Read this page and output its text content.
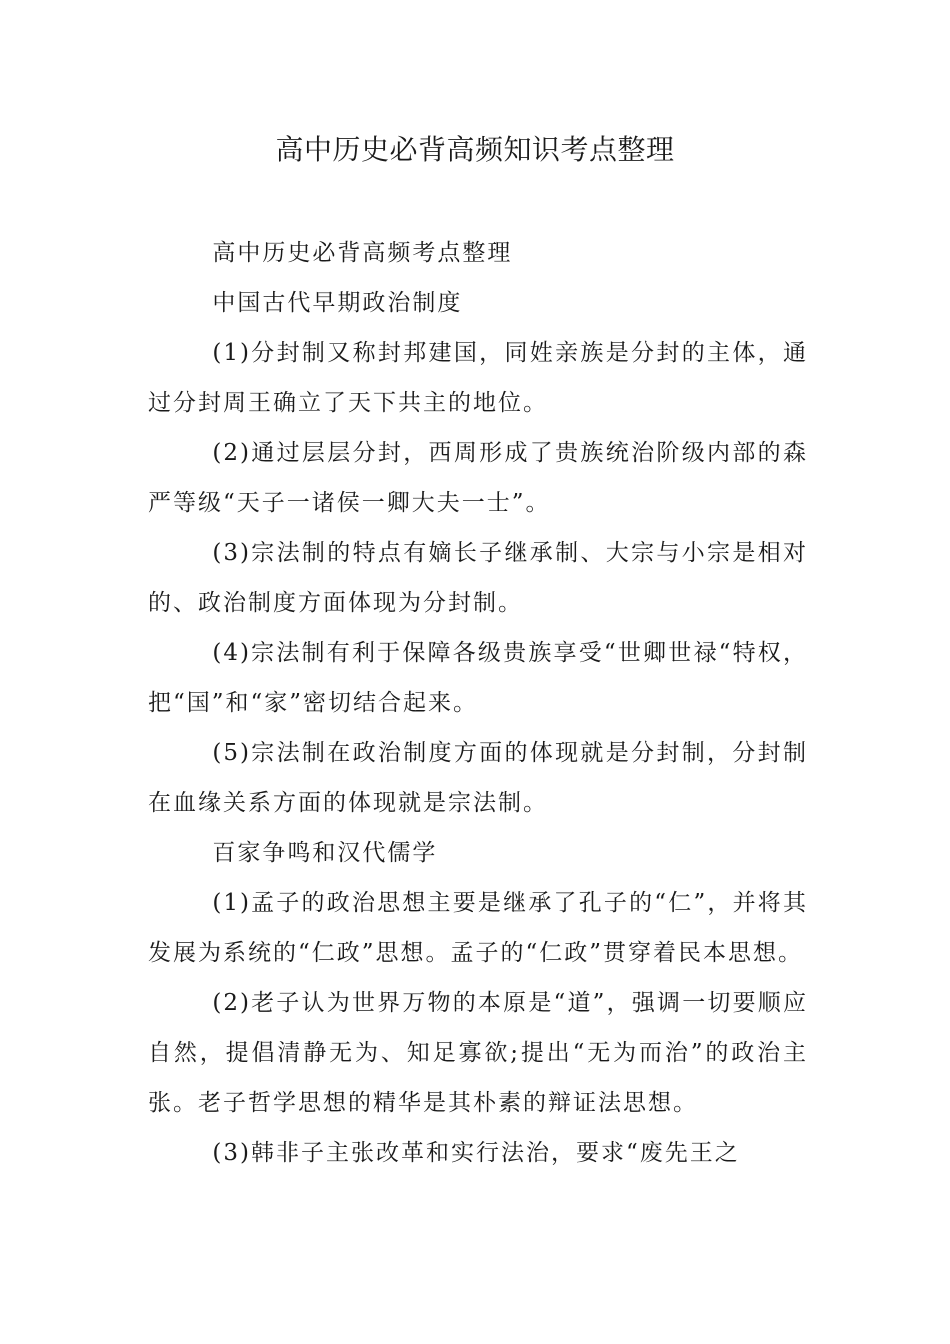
高中历史必背高频知识考点整理

高中历史必背高频考点整理

中国古代早期政治制度

(1)分封制又称封邦建国，同姓亲族是分封的主体，通过分封周王确立了天下共主的地位。

(2)通过层层分封，西周形成了贵族统治阶级内部的森严等级“天子一诸侯一卿大夫一士”。

(3)宗法制的特点有嫡长子继承制、大宗与小宗是相对的、政治制度方面体现为分封制。

(4)宗法制有利于保障各级贵族享受“世卿世禄“特权，把“国”和“家”密切结合起来。

(5)宗法制在政治制度方面的体现就是分封制，分封制在血缘关系方面的体现就是宗法制。

百家争鸣和汉代儒学

(1)孟子的政治思想主要是继承了孔子的“仁”，并将其发展为系统的“仁政”思想。孟子的“仁政”贯穿着民本思想。

(2)老子认为世界万物的本原是“道”，强调一切要顺应自然，提倡清静无为、知足寡欲;提出“无为而治”的政治主张。老子哲学思想的精华是其朴素的辩证法思想。

(3)韩非子主张改革和实行法治，要求“废先王之
